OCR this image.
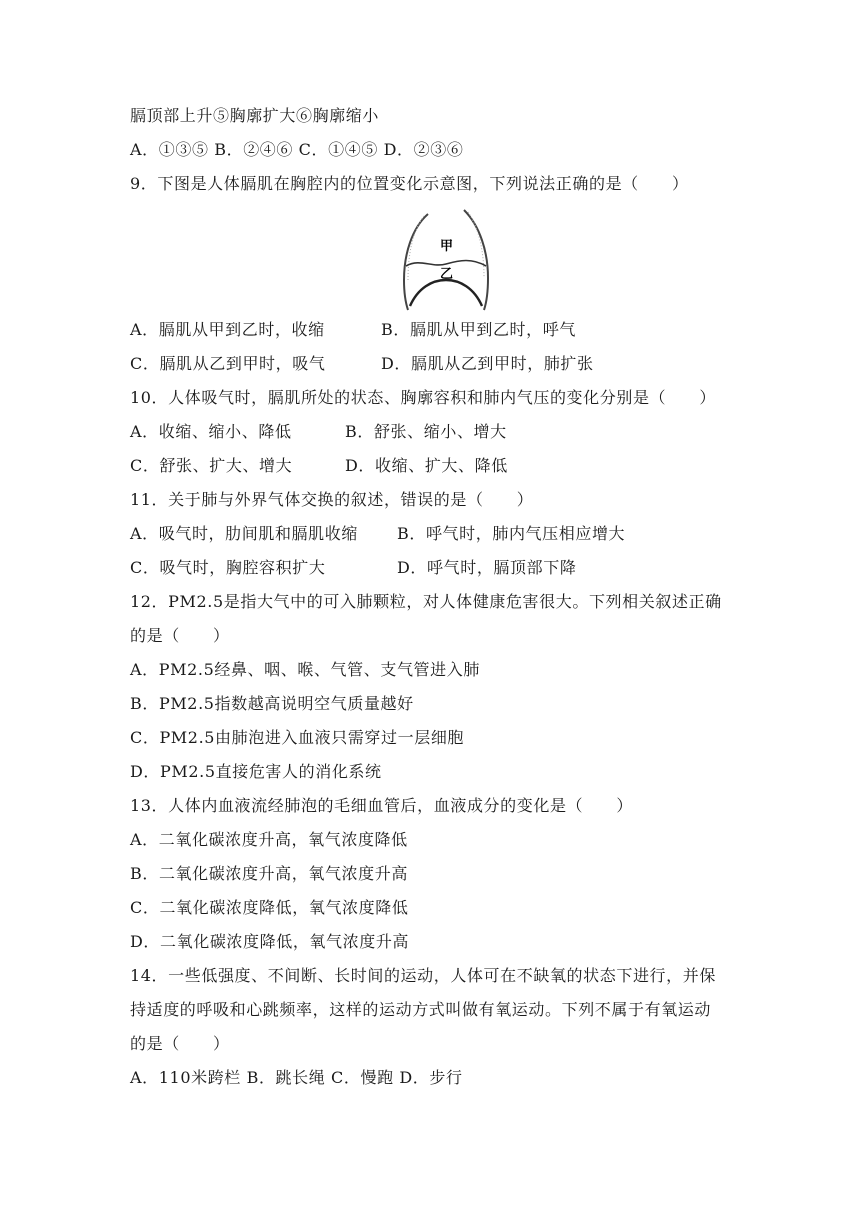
膈顶部上升⑤胸廓扩大⑥胸廓缩小
A．①③⑤ B．②④⑥ C．①④⑤ D．②③⑥
9．下图是人体膈肌在胸腔内的位置变化示意图，下列说法正确的是（　　）
甲
乙
A．膈肌从甲到乙时，收缩	B．膈肌从甲到乙时，呼气
C．膈肌从乙到甲时，吸气	D．膈肌从乙到甲时，肺扩张
10．人体吸气时，膈肌所处的状态、胸廓容积和肺内气压的变化分别是（　　）
A．收缩、缩小、降低	B．舒张、缩小、增大
C．舒张、扩大、增大	D．收缩、扩大、降低
11．关于肺与外界气体交换的叙述，错误的是（　　）
A．吸气时，肋间肌和膈肌收缩 B．呼气时，肺内气压相应增大
C．吸气时，胸腔容积扩大	D．呼气时，膈顶部下降
12．PM2.5是指大气中的可入肺颗粒，对人体健康危害很大。下列相关叙述正确
的是（　　）
A．PM2.5经鼻、咽、喉、气管、支气管进入肺
B．PM2.5指数越高说明空气质量越好
C．PM2.5由肺泡进入血液只需穿过一层细胞
D．PM2.5直接危害人的消化系统
13．人体内血液流经肺泡的毛细血管后，血液成分的变化是（　　）
A．二氧化碳浓度升高，氧气浓度降低
B．二氧化碳浓度升高，氧气浓度升高
C．二氧化碳浓度降低，氧气浓度降低
D．二氧化碳浓度降低，氧气浓度升高
14．一些低强度、不间断、长时间的运动，人体可在不缺氧的状态下进行，并保
持适度的呼吸和心跳频率，这样的运动方式叫做有氧运动。下列不属于有氧运动
的是（　　）
A．110米跨栏 B．跳长绳 C．慢跑 D．步行
